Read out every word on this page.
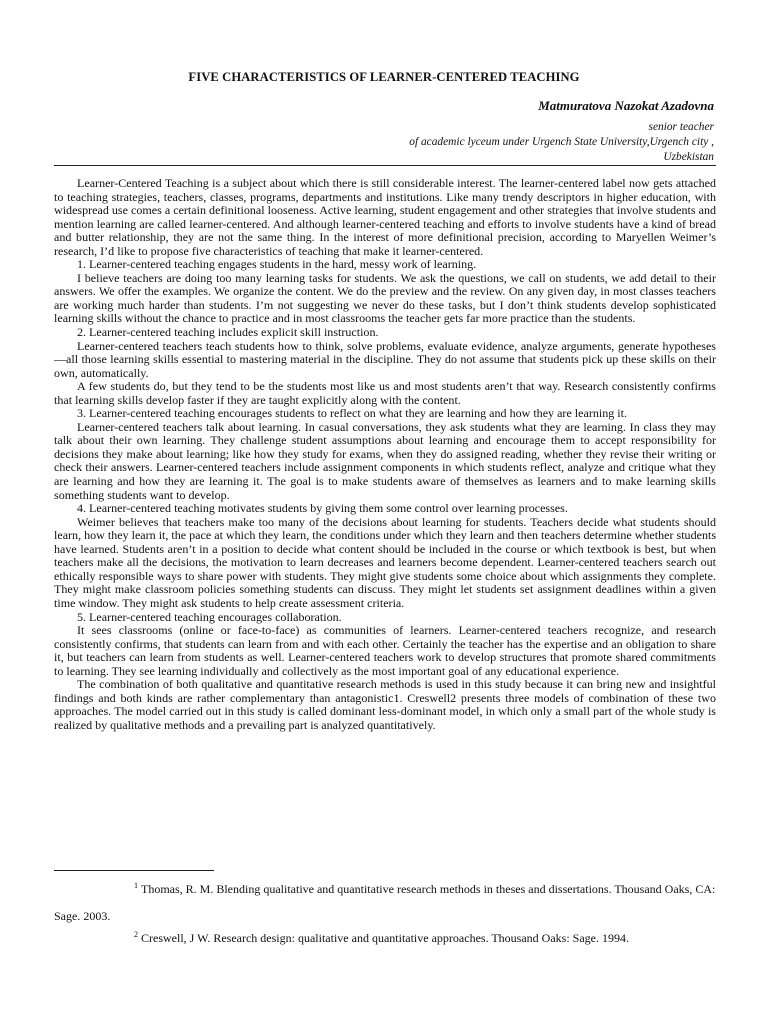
FIVE CHARACTERISTICS OF LEARNER-CENTERED TEACHING
Matmuratova Nazokat Azadovna
senior teacher
of academic lyceum under Urgench State University,Urgench city ,
Uzbekistan

Learner-Centered Teaching is a subject about which there is still considerable interest. The learner-centered label now gets attached to teaching strategies, teachers, classes, programs, departments and institutions. Like many trendy descriptors in higher education, with widespread use comes a certain definitional looseness. Active learning, student engagement and other strategies that involve students and mention learning are called learner-centered. And although learner-centered teaching and efforts to involve students have a kind of bread and butter relationship, they are not the same thing. In the interest of more definitional precision, according to Maryellen Weimer’s research, I’d like to propose five characteristics of teaching that make it learner-centered.

1. Learner-centered teaching engages students in the hard, messy work of learning.

I believe teachers are doing too many learning tasks for students. We ask the questions, we call on students, we add detail to their answers. We offer the examples. We organize the content. We do the preview and the review. On any given day, in most classes teachers are working much harder than students. I’m not suggesting we never do these tasks, but I don’t think students develop sophisticated learning skills without the chance to practice and in most classrooms the teacher gets far more practice than the students.

2. Learner-centered teaching includes explicit skill instruction.

Learner-centered teachers teach students how to think, solve problems, evaluate evidence, analyze arguments, generate hypotheses—all those learning skills essential to mastering material in the discipline. They do not assume that students pick up these skills on their own, automatically.

A few students do, but they tend to be the students most like us and most students aren’t that way. Research consistently confirms that learning skills develop faster if they are taught explicitly along with the content.

3. Learner-centered teaching encourages students to reflect on what they are learning and how they are learning it.

Learner-centered teachers talk about learning. In casual conversations, they ask students what they are learning. In class they may talk about their own learning. They challenge student assumptions about learning and encourage them to accept responsibility for decisions they make about learning; like how they study for exams, when they do assigned reading, whether they revise their writing or check their answers. Learner-centered teachers include assignment components in which students reflect, analyze and critique what they are learning and how they are learning it. The goal is to make students aware of themselves as learners and to make learning skills something students want to develop.

4. Learner-centered teaching motivates students by giving them some control over learning processes.

Weimer believes that teachers make too many of the decisions about learning for students. Teachers decide what students should learn, how they learn it, the pace at which they learn, the conditions under which they learn and then teachers determine whether students have learned. Students aren’t in a position to decide what content should be included in the course or which textbook is best, but when teachers make all the decisions, the motivation to learn decreases and learners become dependent. Learner-centered teachers search out ethically responsible ways to share power with students. They might give students some choice about which assignments they complete. They might make classroom policies something students can discuss. They might let students set assignment deadlines within a given time window. They might ask students to help create assessment criteria.

5. Learner-centered teaching encourages collaboration.

It sees classrooms (online or face-to-face) as communities of learners. Learner-centered teachers recognize, and research consistently confirms, that students can learn from and with each other. Certainly the teacher has the expertise and an obligation to share it, but teachers can learn from students as well. Learner-centered teachers work to develop structures that promote shared commitments to learning. They see learning individually and collectively as the most important goal of any educational experience.

The combination of both qualitative and quantitative research methods is used in this study because it can bring new and insightful findings and both kinds are rather complementary than antagonistic1. Creswell2 presents three models of combination of these two approaches. The model carried out in this study is called dominant less-dominant model, in which only a small part of the whole study is realized by qualitative methods and a prevailing part is analyzed quantitatively.

$^1$ Thomas, R. M. Blending qualitative and quantitative research methods in theses and dissertations. Thousand Oaks, CA: Sage. 2003.

$^2$ Creswell, J W. Research design: qualitative and quantitative approaches. Thousand Oaks: Sage. 1994.
